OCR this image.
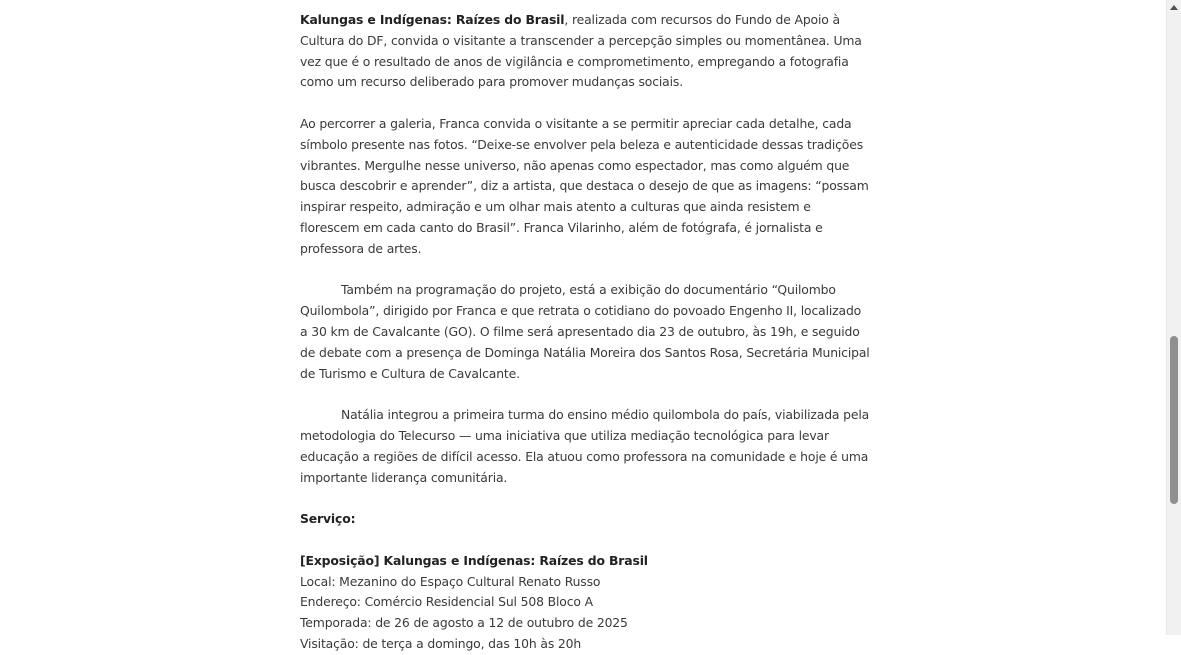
Kalungas e Indígenas: Raízes do Brasil, realizada com recursos do Fundo de Apoio à Cultura do DF, convida o visitante a transcender a percepção simples ou momentânea. Uma vez que é o resultado de anos de vigilância e comprometimento, empregando a fotografia como um recurso deliberado para promover mudanças sociais.

Ao percorrer a galeria, Franca convida o visitante a se permitir apreciar cada detalhe, cada símbolo presente nas fotos. “Deixe-se envolver pela beleza e autenticidade dessas tradições vibrantes. Mergulhe nesse universo, não apenas como espectador, mas como alguém que busca descobrir e aprender”, diz a artista, que destaca o desejo de que as imagens: “possam inspirar respeito, admiração e um olhar mais atento a culturas que ainda resistem e florescem em cada canto do Brasil”. Franca Vilarinho, além de fotógrafa, é jornalista e professora de artes.

Também na programação do projeto, está a exibição do documentário “Quilombo Quilombola”, dirigido por Franca e que retrata o cotidiano do povoado Engenho II, localizado a 30 km de Cavalcante (GO). O filme será apresentado dia 23 de outubro, às 19h, e seguido de debate com a presença de Dominga Natália Moreira dos Santos Rosa, Secretária Municipal de Turismo e Cultura de Cavalcante.

Natália integrou a primeira turma do ensino médio quilombola do país, viabilizada pela metodologia do Telecurso — uma iniciativa que utiliza mediação tecnológica para levar educação a regiões de difícil acesso. Ela atuou como professora na comunidade e hoje é uma importante liderança comunitária.

Serviço:

[Exposição] Kalungas e Indígenas: Raízes do Brasil

Local: Mezanino do Espaço Cultural Renato Russo

Endereço: Comércio Residencial Sul 508 Bloco A

Temporada: de 26 de agosto a 12 de outubro de 2025

Visitação: de terça a domingo, das 10h às 20h
